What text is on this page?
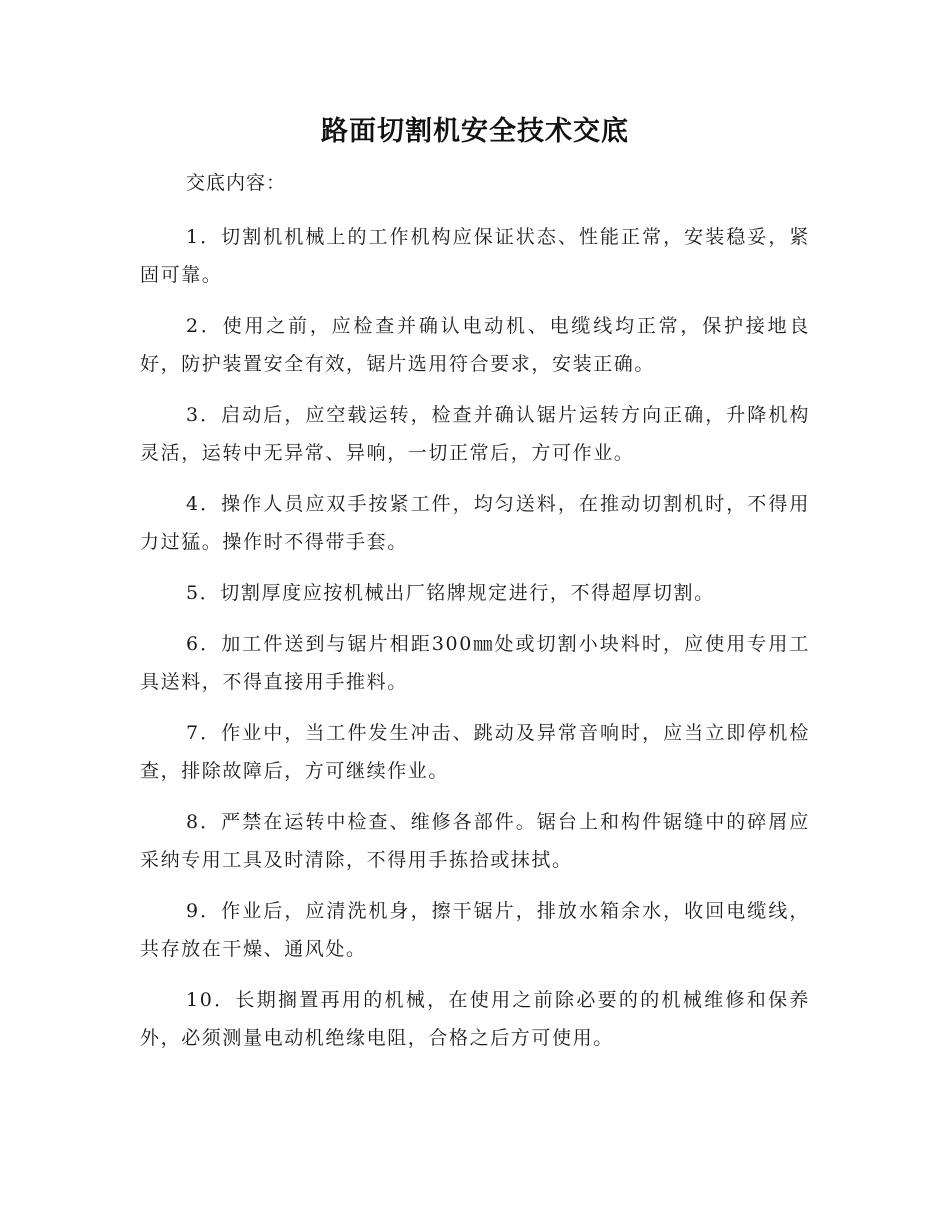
路面切割机安全技术交底
交底内容：

1．切割机机械上的工作机构应保证状态、性能正常，安装稳妥，紧固可靠。

2．使用之前，应检查并确认电动机、电缆线均正常，保护接地良好，防护装置安全有效，锯片选用符合要求，安装正确。

3．启动后，应空载运转，检查并确认锯片运转方向正确，升降机构灵活，运转中无异常、异响，一切正常后，方可作业。

4．操作人员应双手按紧工件，均匀送料，在推动切割机时，不得用力过猛。操作时不得带手套。

5．切割厚度应按机械出厂铭牌规定进行，不得超厚切割。

6．加工件送到与锯片相距300㎜处或切割小块料时，应使用专用工具送料，不得直接用手推料。

7．作业中，当工件发生冲击、跳动及异常音响时，应当立即停机检查，排除故障后，方可继续作业。

8．严禁在运转中检查、维修各部件。锯台上和构件锯缝中的碎屑应采纳专用工具及时清除，不得用手拣拾或抹拭。

9．作业后，应清洗机身，擦干锯片，排放水箱余水，收回电缆线，共存放在干燥、通风处。

10．长期搁置再用的机械，在使用之前除必要的的机械维修和保养外，必须测量电动机绝缘电阻，合格之后方可使用。
